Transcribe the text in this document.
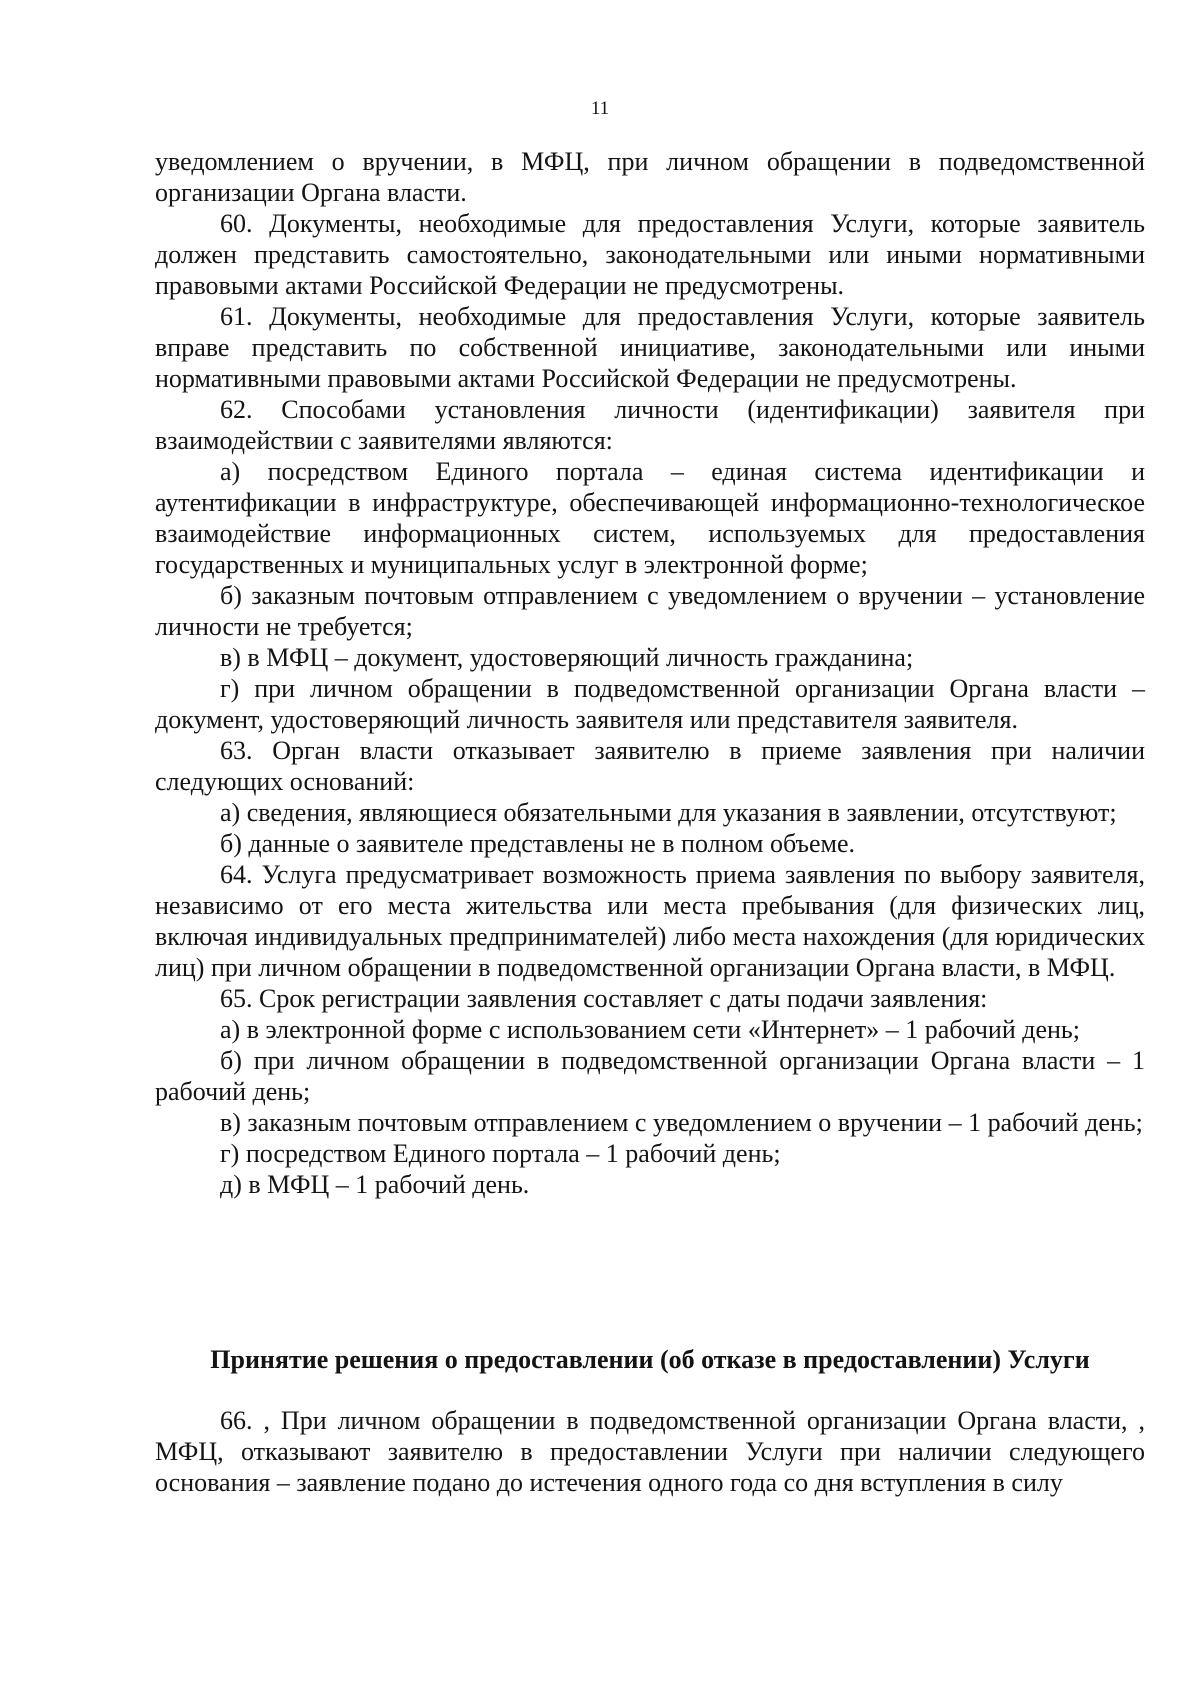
11

уведомлением о вручении, в МФЦ, при личном обращении в подведомственной организации Органа власти.

60. Документы, необходимые для предоставления Услуги, которые заявитель должен представить самостоятельно, законодательными или иными нормативными правовыми актами Российской Федерации не предусмотрены.

61. Документы, необходимые для предоставления Услуги, которые заявитель вправе представить по собственной инициативе, законодательными или иными нормативными правовыми актами Российской Федерации не предусмотрены.

62. Способами установления личности (идентификации) заявителя при взаимодействии с заявителями являются:

а) посредством Единого портала – единая система идентификации и аутентификации в инфраструктуре, обеспечивающей информационно-технологическое взаимодействие информационных систем, используемых для предоставления государственных и муниципальных услуг в электронной форме;

б) заказным почтовым отправлением с уведомлением о вручении – установление личности не требуется;

в) в МФЦ – документ, удостоверяющий личность гражданина;

г) при личном обращении в подведомственной организации Органа власти – документ, удостоверяющий личность заявителя или представителя заявителя.

63. Орган власти отказывает заявителю в приеме заявления при наличии следующих оснований:

а) сведения, являющиеся обязательными для указания в заявлении, отсутствуют;

б) данные о заявителе представлены не в полном объеме.

64. Услуга предусматривает возможность приема заявления по выбору заявителя, независимо от его места жительства или места пребывания (для физических лиц, включая индивидуальных предпринимателей) либо места нахождения (для юридических лиц) при личном обращении в подведомственной организации Органа власти, в МФЦ.

65. Срок регистрации заявления составляет с даты подачи заявления:

а) в электронной форме с использованием сети «Интернет» – 1 рабочий день;

б) при личном обращении в подведомственной организации Органа власти – 1 рабочий день;

в) заказным почтовым отправлением с уведомлением о вручении – 1 рабочий день;

г) посредством Единого портала – 1 рабочий день;

д) в МФЦ – 1 рабочий день.

Принятие решения о предоставлении (об отказе в предоставлении) Услуги

66. , При личном обращении в подведомственной организации Органа власти, , МФЦ, отказывают заявителю в предоставлении Услуги при наличии следующего основания – заявление подано до истечения одного года со дня вступления в силу
